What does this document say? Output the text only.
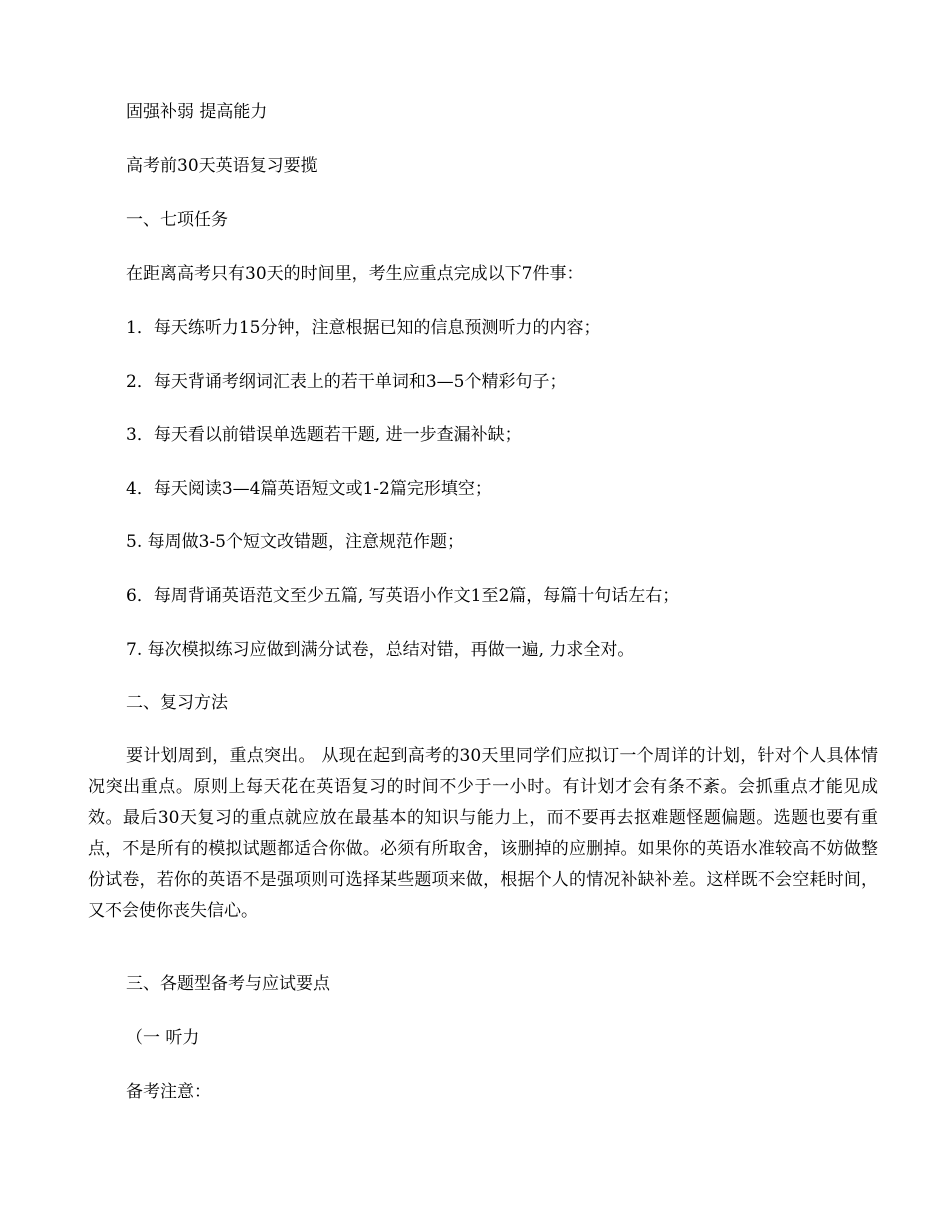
固强补弱 提高能力
高考前30天英语复习要揽
一、七项任务
在距离高考只有30天的时间里，考生应重点完成以下7件事：
1．每天练听力15分钟，注意根据已知的信息预测听力的内容；
2．每天背诵考纲词汇表上的若干单词和3—5个精彩句子；
3．每天看以前错误单选题若干题, 进一步查漏补缺；
4．每天阅读3—4篇英语短文或1-2篇完形填空；
5. 每周做3-5个短文改错题，注意规范作题；
6．每周背诵英语范文至少五篇, 写英语小作文1至2篇，每篇十句话左右；
7. 每次模拟练习应做到满分试卷，总结对错，再做一遍, 力求全对。
二、复习方法

要计划周到，重点突出。 从现在起到高考的30天里同学们应拟订一个周详的计划，针对个人具体情况突出重点。原则上每天花在英语复习的时间不少于一小时。有计划才会有条不紊。会抓重点才能见成效。最后30天复习的重点就应放在最基本的知识与能力上，而不要再去抠难题怪题偏题。选题也要有重点，不是所有的模拟试题都适合你做。必须有所取舍，该删掉的应删掉。如果你的英语水准较高不妨做整份试卷，若你的英语不是强项则可选择某些题项来做，根据个人的情况补缺补差。这样既不会空耗时间，又不会使你丧失信心。

三、各题型备考与应试要点
（一 听力
备考注意：
